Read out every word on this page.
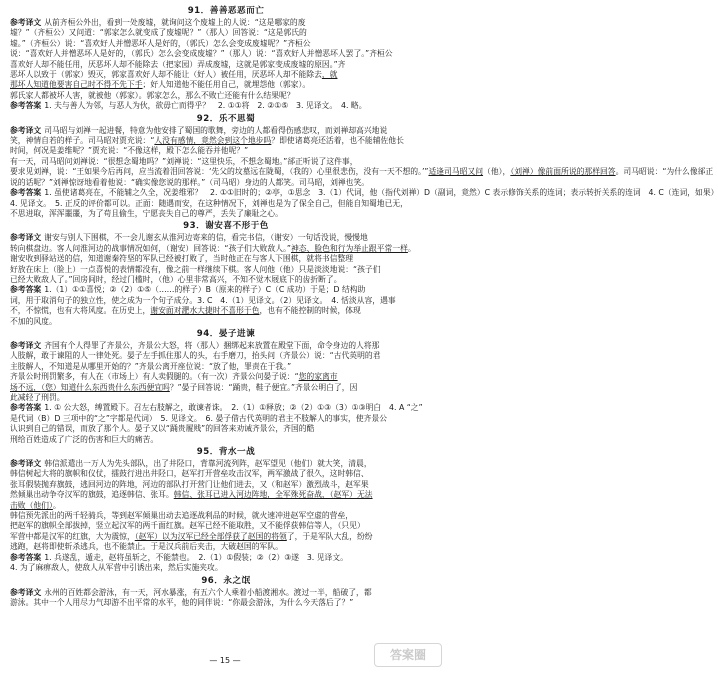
91．善善恶恶而亡
参考译文 从前齐桓公外出，看到一处废墟，就询问这个废墟上的人说：“这是哪家的废
墟？”（齐桓公）又问道：“郭家怎么就变成了废墟呢？”（那人）回答说：“这是郭氏的
墟。”（齐桓公）说：“喜欢好人并憎恶坏人是好的，（郭氏）怎么会变成废墟呢？”齐桓公
说：“喜欢好人并憎恶坏人是好的，（郭氏）怎么会变成废墟？”（那人）说：“喜欢好人并憎恶坏人罢了。”齐桓公
喜欢好人却不能任用，厌恶坏人却不能除去（把家园）弄成废墟，这就是郭家变成废墟的原因。”齐
恶坏人以致于（郭家）毁灭，郭家喜欢好人却不能让（好人）被任用，厌恶坏人却不能除去，就
那坏人知道他要害自己时不得不先下手；好人知道他不能任用自己，就埋怨他（郭家）。
郭氏家人都被坏人害，就被他（郭家）。郭家怎么，那么不败亡还能有什么结果呢？
参考答案 1. 夫与善人为邻，与恶人为伙，欲毋亡而得乎？　2. ①①将　2. ②①⑤　3. 见译文。　4. 略。
92．乐不思蜀
参考译文 司马昭与刘禅一起进餐，特意为他安排了蜀国的歌舞，旁边的人都看得伤感悲叹，而刘禅却高兴地说
笑，神情自若的样子。司马昭对贾充说：“人没有感情，竟然会到这个地步吗？即使诸葛亮还活着，也不能辅佐他长
时间，何况是姜维呢？”贾充说：“不像这样，殿下怎么能吞并他呢？”
有一天，司马昭问刘禅说：“很想念蜀地吗？”刘禅说：“这里快乐，不想念蜀地。”郤正听说了这件事，
要求见刘禅，说：“王如果今后再问，应当流着泪回答说：‘先父的坟墓远在陇蜀，（我的）心里很悲伤，没有一天不想的。’”适逢司马昭又问（他），（刘禅）像前面所说的那样回答。司马昭说：“为什么像郤正
说的话呢？”刘禅惊讶地看着他说：“确实像您说的那样。”（司马昭）身边的人都笑。司马昭，刘禅也笑。
参考答案 1. 虽使诸葛亮在，不能辅之久全，况姜维邪？　2. ①①旧时的；②亭，①思念　3.（1）代词，他（指代刘禅）D（副词，竟然）C 表示修饰关系的连词；表示转折关系的连词　4. C（连词，如果）
4. 见译文。　5. 正反的评价都可以。正面：随遇而安，在这种情况下，刘禅也是为了保全自己，但能自知蜀地已无，
不思进取，浑浑噩噩，为了苟且偷生，宁愿丧失自己的尊严，丢失了廉耻之心。
93．谢安喜不形于色
参考译文 谢安与别人下围棋，不一会儿谢玄从淮河边寄来的信，看完书信，（谢安）一句话没说，慢慢地
转向棋盘边。客人问淮河边的战事情况如何，（谢安）回答说：“孩子们大败敌人。”神态、脸色和行为举止跟平常一样。
谢安收到驿站送的信，知道谢秦符坚的军队已经被打败了，当时他正在与客人下围棋，就将书信整理
好放在床上（脸上）一点喜悦的表情都没有，像之前一样继续下棋。客人问他（他）只是淡淡地说：“孩子们
已经大败敌人了。”回房间时，经过门槛时，（他）心里非常高兴，不知不觉木屐底下的齿折断了。
参考答案 1.（1）①①喜悦；②（2）①⑤（……的样子）B（原来的样子）C（C 成功）于是；D 结构助
词，用于取消句子的独立性，使之成为一个句子成分。3. C　4.（1）见译文。（2）见译文。　4. 恬淡从容，遇事
不，不惊慌，也有大将风度。在历史上，谢安面对淝水大捷时不喜形于色，也有不能控制的时候，体现
不加的风度。
94．晏子进谏
参考译文 齐国有个人得罪了齐景公，齐景公大怒，将（那人）捆绑起来放置在殿堂下面，命令身边的人将那
人肢解，敢于谏阻的人一律处死。晏子左手抓住那人的头，右手磨刀，抬头问（齐景公）说：“古代英明的君
主肢解人，不知道是从哪里开始的？”齐景公离开座位说：“放了他，罪责在于我。”
齐景公时刑罚繁多，有人在（市场上）有人卖假腿的。（有一次）齐景公问晏子说：“您的家离市
场不远，（您）知道什么东西贵什么东西便宜吗？”晏子回答说：“踊贵，鞋子便宜。”齐景公明白了，因
此减轻了刑罚。
参考答案 1. ① 公大怒，缚置殿下。召左右肢解之，敢谏者诛。　2.（1）①释放；②（2）①③（3）①③明白　4. A “之”
是代词（B）D 三项中的“之”字都是代词）　5. 见译文。　6. 晏子借古代英明的君主不肢解人的事实，使齐景公
认识到自己的错误，而放了那个人。晏子又以“踊贵履贱”的回答来劝诫齐景公，齐国的酷
刑给百姓造成了广泛的伤害和巨大的痛苦。
95．背水一战
参考译文 韩信派遣出一万人为先头部队，出了井陉口，背靠河流列阵，赵军望见（他们）就大笑，清晨，
韩信树起大将的旗帜和仪仗，擂鼓行进出井陉口，赵军打开营垒攻击汉军，两军激战了很久，这时韩信、
张耳假装抛弃旗鼓，逃回河边的阵地，河边的部队打开营门让他们进去，又（和赵军）激烈战斗，赵军果
然倾巢出动争夺汉军的旗鼓，追逐韩信、张耳。韩信、张耳已进入河边阵地，全军殊死奋战，（赵军）无法
击败（他们）。
韩信预先派出的两千轻骑兵，等到赵军倾巢出动去追逐战利品的时候，就火速冲进赵军空虚的营垒，
把赵军的旗帜全部拔掉，竖立起汉军的两千面红旗。赵军已经不能取胜，又不能俘获韩信等人，（只见）
军营中都是汉军的红旗，大为震惊，（赵军）以为汉军已经全部俘获了赵国的将领了，于是军队大乱，纷纷
逃跑，赵将即使斩杀逃兵，也不能禁止。于是汉兵前后夹击，大破赵国的军队。
参考答案 1. 兵遂乱，遁走，赵将虽斩之，不能禁也。　2.（1）①假装；②（2）③遂　3. 见译文。
4. 为了麻痹敌人，使敌人从军营中引诱出来，然后实施夹攻。
96．永之氓
参考译文 永州的百姓都会游泳，有一天，河水暴涨，有五六个人乘着小船渡湘水。渡过一半，船破了，都
游泳。其中一个人用尽力气却游不出平常的水平，他的同伴说：“你最会游泳，为什么今天落后了？”
— 15 —	答案圈
